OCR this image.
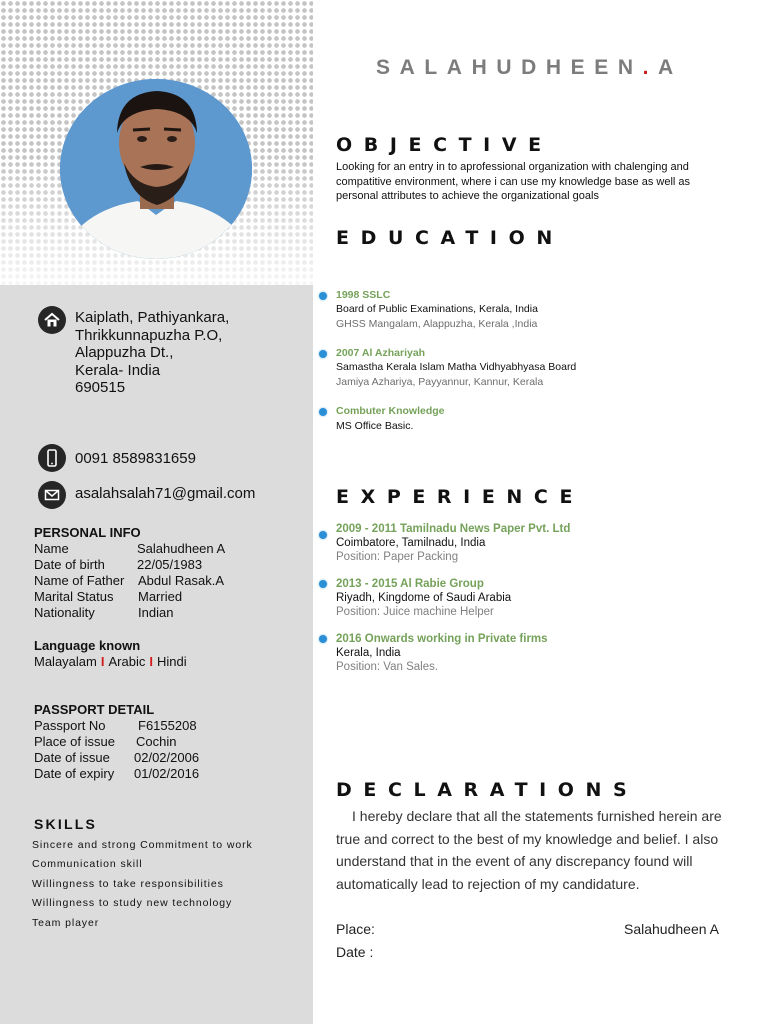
Kaiplath, Pathiyankara,
Thrikkunnapuzha P.O,
Alappuzha Dt.,
Kerala- India
690515
0091 8589831659
asalahsalah71@gmail.com
PERSONAL INFO
Name	Salahudheen A
Date of birth 22/05/1983
Name of Father Abdul Rasak.A
Marital Status Married
Nationality	Indian
Language known
Malayalam I Arabic I Hindi
PASSPORT DETAIL
Passport No F6155208
Place of issue Cochin
Date of issue 02/02/2006
Date of expiry 01/02/2016
SKILLS
Sincere and strong Commitment to work
Communication skill
Willingness to take responsibilities
Willingness to study new technology
Team player
SALAHUDHEEN.A
OBJECTIVE
Looking for an entry in to aprofessional organization with chalenging and
compatitive environment, where i can use my knowledge base as well as
personal attributes to achieve the organizational goals
EDUCATION
1998 SSLC
Board of Public Examinations, Kerala, India
GHSS Mangalam, Alappuzha, Kerala ,India
2007 Al Azhariyah
Samastha Kerala Islam Matha Vidhyabhyasa Board
Jamiya Azhariya, Payyannur, Kannur, Kerala
Combuter Knowledge
MS Office Basic.
EXPERIENCE
2009 - 2011 Tamilnadu News Paper Pvt. Ltd
Coimbatore, Tamilnadu, India
Position: Paper Packing
2013 - 2015 Al Rabie Group
Riyadh, Kingdome of Saudi Arabia
Position: Juice machine Helper
2016 Onwards working in Private firms
Kerala, India
Position: Van Sales.
DECLARATIONS
I hereby declare that all the statements furnished herein are true and correct to the best of my knowledge and belief. I also understand that in the event of any discrepancy found will automatically lead to rejection of my candidature.
Place:
Date :
Salahudheen A
